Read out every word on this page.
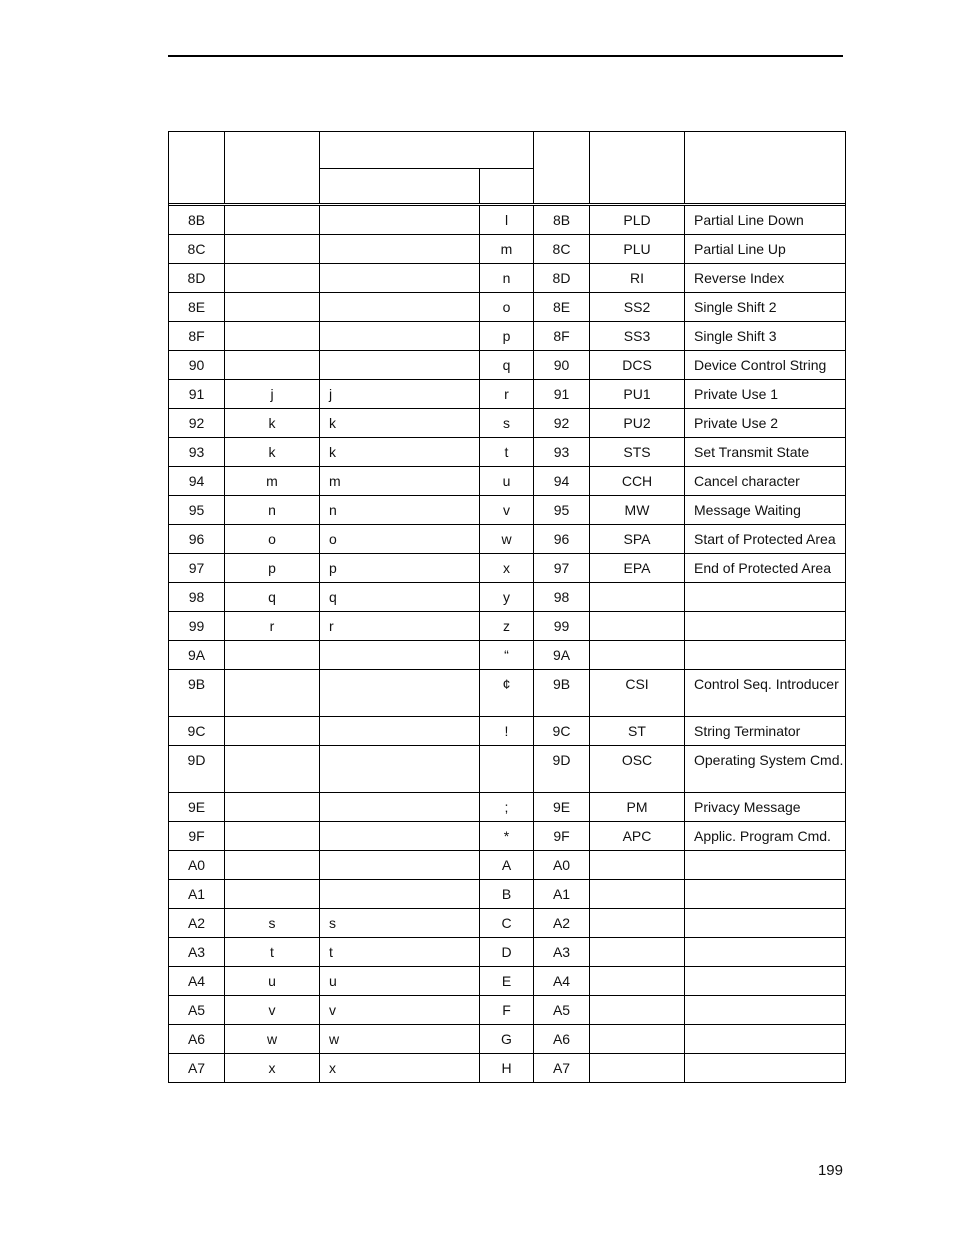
8B			l	8B	PLD	Partial Line Down
8C			m	8C	PLU	Partial Line Up
8D			n	8D	RI	Reverse Index
8E			o	8E	SS2	Single Shift 2
8F			p	8F	SS3	Single Shift 3
90			q	90	DCS	Device Control String
91	j	j	r	91	PU1	Private Use 1
92	k	k	s	92	PU2	Private Use 2
93	k	k	t	93	STS	Set Transmit State
94	m	m	u	94	CCH	Cancel character
95	n	n	v	95	MW	Message Waiting
96	o	o	w	96	SPA	Start of Protected Area
97	p	p	x	97	EPA	End of Protected Area
98	q	q	y	98		
99	r	r	z	99		
9A			“	9A		
9B			¢	9B	CSI	Control Seq. Introducer
9C			!	9C	ST	String Terminator
9D				9D	OSC	Operating System Cmd.
9E			;	9E	PM	Privacy Message
9F			*	9F	APC	Applic. Program Cmd.
A0			A	A0		
A1			B	A1		
A2	s	s	C	A2		
A3	t	t	D	A3		
A4	u	u	E	A4		
A5	v	v	F	A5		
A6	w	w	G	A6		
A7	x	x	H	A7		
199
